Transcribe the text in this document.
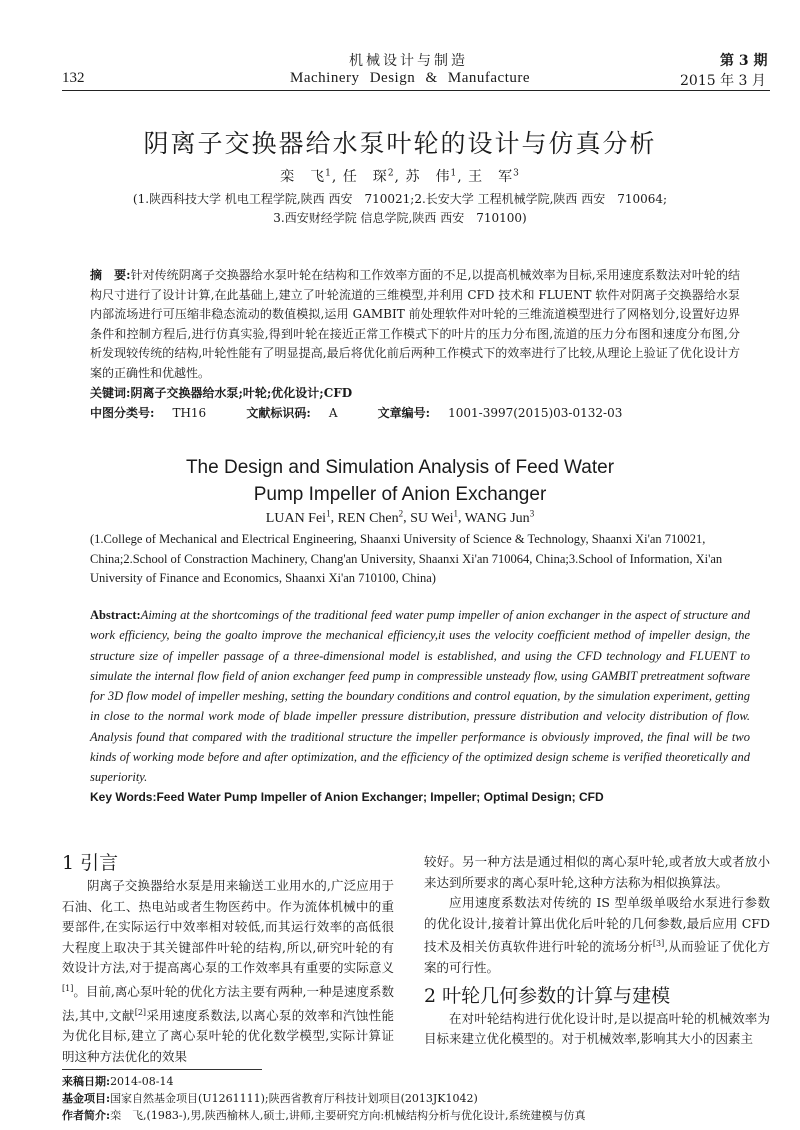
机械设计与制造	第 3 期
132	Machinery Design & Manufacture	2015 年 3 月
阴离子交换器给水泵叶轮的设计与仿真分析
栾　飞$^1$, 任　琛$^2$, 苏　伟$^1$, 王　军$^3$
(1.陕西科技大学 机电工程学院,陕西 西安　710021;2.长安大学 工程机械学院,陕西 西安　710064;
3.西安财经学院 信息学院,陕西 西安　710100)
摘　要:针对传统阴离子交换器给水泵叶轮在结构和工作效率方面的不足,以提高机械效率为目标,采用速度系数法对叶轮的结构尺寸进行了设计计算,在此基础上,建立了叶轮流道的三维模型,并利用 CFD 技术和 FLUENT 软件对阴离子交换器给水泵内部流场进行可压缩非稳态流动的数值模拟,运用 GAMBIT 前处理软件对叶轮的三维流道模型进行了网格划分,设置好边界条件和控制方程后,进行仿真实验,得到叶轮在接近正常工作模式下的叶片的压力分布图,流道的压力分布图和速度分布图,分析发现较传统的结构,叶轮性能有了明显提高,最后将优化前后两种工作模式下的效率进行了比较,从理论上验证了优化设计方案的正确性和优越性。
关键词:阴离子交换器给水泵;叶轮;优化设计;CFD
中图分类号: TH16	文献标识码: A	文章编号: 1001-3997(2015)03-0132-03
The Design and Simulation Analysis of Feed Water
Pump Impeller of Anion Exchanger
LUAN Fei$^1$, REN Chen$^2$, SU Wei$^1$, WANG Jun$^3$
(1.College of Mechanical and Electrical Engineering, Shaanxi University of Science & Technology, Shaanxi Xi'an 710021, China;2.School of Constraction Machinery, Chang'an University, Shaanxi Xi'an 710064, China;3.School of Information, Xi'an University of Finance and Economics, Shaanxi Xi'an 710100, China)
Abstract:Aiming at the shortcomings of the traditional feed water pump impeller of anion exchanger in the aspect of structure and work efficiency, being the goalto improve the mechanical efficiency,it uses the velocity coefficient method of impeller design, the structure size of impeller passage of a three-dimensional model is established, and using the CFD technology and FLUENT to simulate the internal flow field of anion exchanger feed pump in compressible unsteady flow, using GAMBIT pretreatment software for 3D flow model of impeller meshing, setting the boundary conditions and control equation, by the simulation experiment, getting in close to the normal work mode of blade impeller pressure distribution, pressure distribution and velocity distribution of flow. Analysis found that compared with the traditional structure the impeller performance is obviously improved, the final will be two kinds of working mode before and after optimization, and the efficiency of the optimized design scheme is verified theoretically and superiority.
Key Words:Feed Water Pump Impeller of Anion Exchanger; Impeller; Optimal Design; CFD

1 引言

阴离子交换器给水泵是用来输送工业用水的,广泛应用于石油、化工、热电站或者生物医药中。作为流体机械中的重要部件,在实际运行中效率相对较低,而其运行效率的高低很大程度上取决于其关键部件叶轮的结构,所以,研究叶轮的有效设计方法,对于提高离心泵的工作效率具有重要的实际意义[1]。目前,离心泵叶轮的优化方法主要有两种,一种是速度系数法,其中,文献[2]采用速度系数法,以离心泵的效率和汽蚀性能为优化目标,建立了离心泵叶轮的优化数学模型,实际计算证明这种方法优化的效果

较好。另一种方法是通过相似的离心泵叶轮,或者放大或者放小来达到所要求的离心泵叶轮,这种方法称为相似换算法。

应用速度系数法对传统的 IS 型单级单吸给水泵进行参数的优化设计,接着计算出优化后叶轮的几何参数,最后应用 CFD 技术及相关仿真软件进行叶轮的流场分析[3],从而验证了优化方案的可行性。

2 叶轮几何参数的计算与建模

在对叶轮结构进行优化设计时,是以提高叶轮的机械效率为目标来建立优化模型的。对于机械效率,影响其大小的因素主

来稿日期:2014-08-14
基金项目:国家自然基金项目(U1261111);陕西省教育厅科技计划项目(2013JK1042)
作者简介:栾　飞,(1983-),男,陕西榆林人,硕士,讲师,主要研究方向:机械结构分析与优化设计,系统建模与仿真
